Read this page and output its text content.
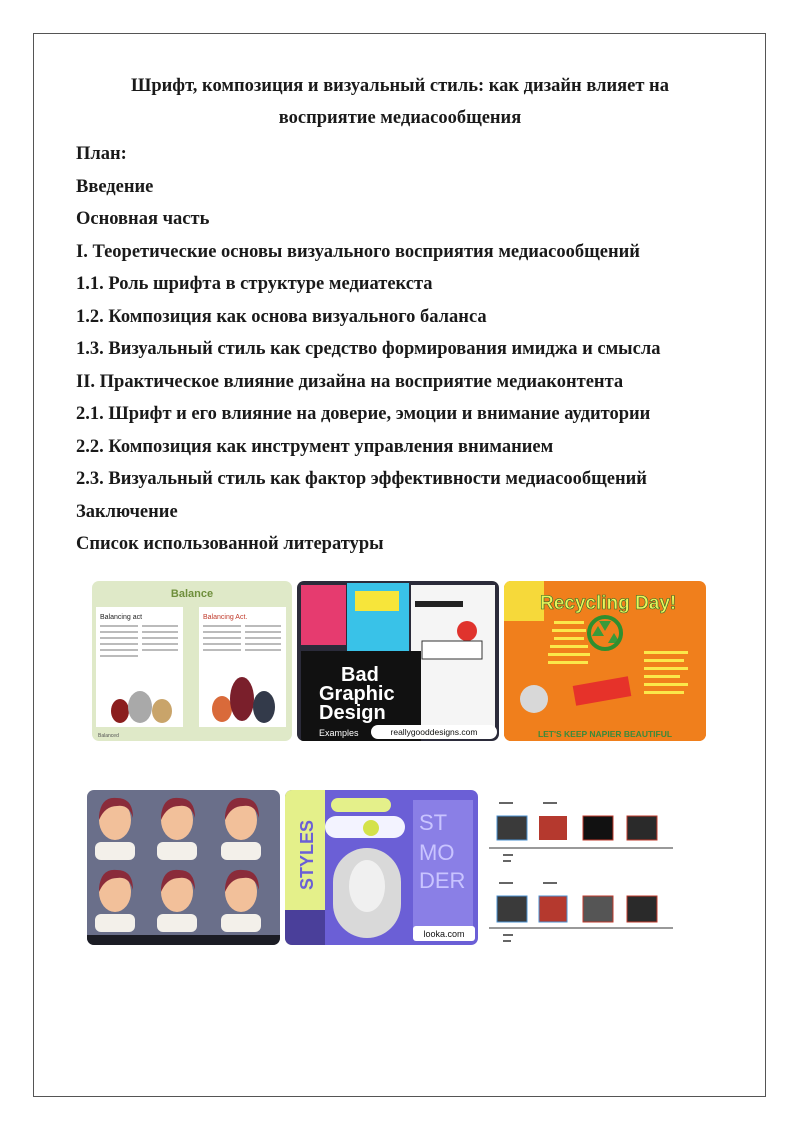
Шрифт, композиция и визуальный стиль: как дизайн влияет на
восприятие медиасообщения
План:
Введение
Основная часть
I. Теоретические основы визуального восприятия медиасообщений
1.1. Роль шрифта в структуре медиатекста
1.2. Композиция как основа визуального баланса
1.3. Визуальный стиль как средство формирования имиджа и смысла
II. Практическое влияние дизайна на восприятие медиаконтента
2.1. Шрифт и его влияние на доверие, эмоции и внимание аудитории
2.2. Композиция как инструмент управления вниманием
2.3. Визуальный стиль как фактор эффективности медиасообщений
Заключение
Список использованной литературы
Balance
Balancing act	Balancing Act.
Balanced
Bad
Graphic
Design
Examples	reallygooddesigns.com
Recycling Day!
LET'S KEEP NAPIER BEAUTIFUL
STYLES	ST
MO
DER
looka.com
